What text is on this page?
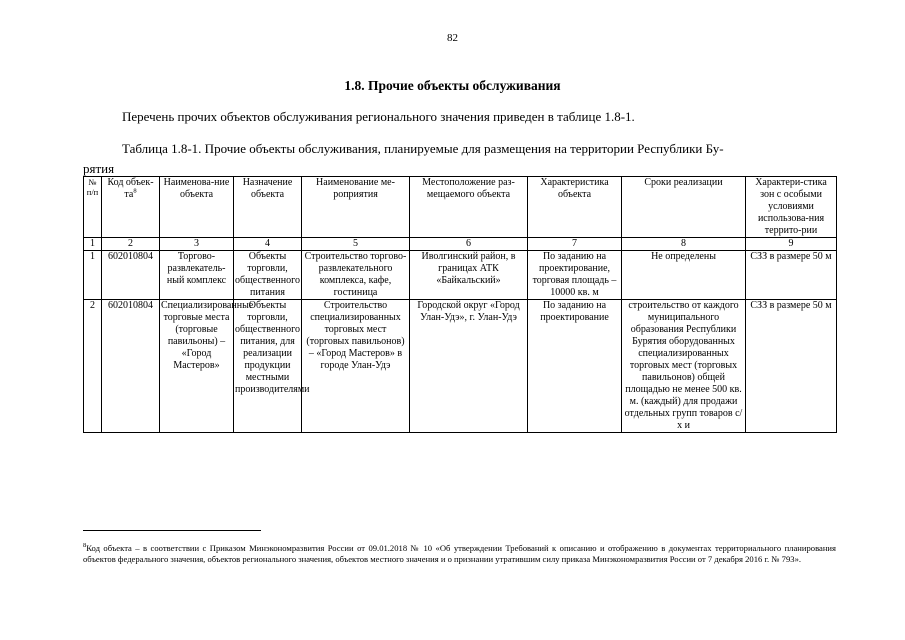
82
1.8. Прочие объекты обслуживания
Перечень прочих объектов обслуживания регионального значения приведен в таблице 1.8-1.
Таблица 1.8-1. Прочие объекты обслуживания, планируемые для размещения на территории Республики Бу-
рятия
№ п/п	Код объек-$та^8$	Наименова-ние объекта	Назначение объекта	Наименование ме-роприятия	Местоположение раз-мещаемого объекта	Характеристика объекта	Сроки реализации	Характери-стика зон с особыми условиями использова-ния террито-рии
1	2	3	4	5	6	7	8	9
1	602010804	Торгово-развлекатель-ный комплекс	Объекты торговли, общественного питания	Строительство торгово-развлекательного комплекса, кафе, гостиница	Иволгинский район, в границах АТК «Байкальский»	По заданию на проектирование, торговая площадь – 10000 кв. м	Не определены	СЗЗ в размере 50 м
2	602010804	Специализированные торговые места (торговые павильоны) – «Город Мастеров»	Объекты торговли, общественного питания, для реализации продукции местными производителями	Строительство специализированных торговых мест (торговых павильонов) – «Город Мастеров» в городе Улан-Удэ	Городской округ «Город Улан-Удэ», г. Улан-Удэ	По заданию на проектирование	строительство от каждого муниципального образования Республики Бурятия оборудованных специализированных торговых мест (торговых павильонов) общей площадью не менее 500 кв. м. (каждый) для продажи отдельных групп товаров с/х и	СЗЗ в размере 50 м
$^8$Код объекта – в соответствии с Приказом Минэкономразвития России от 09.01.2018 № 10 «Об утверждении Требований к описанию и отображению в документах территориального планирования объектов федерального значения, объектов регионального значения, объектов местного значения и о признании утратившим силу приказа Минэкономразвития России от 7 декабря 2016 г. № 793».
